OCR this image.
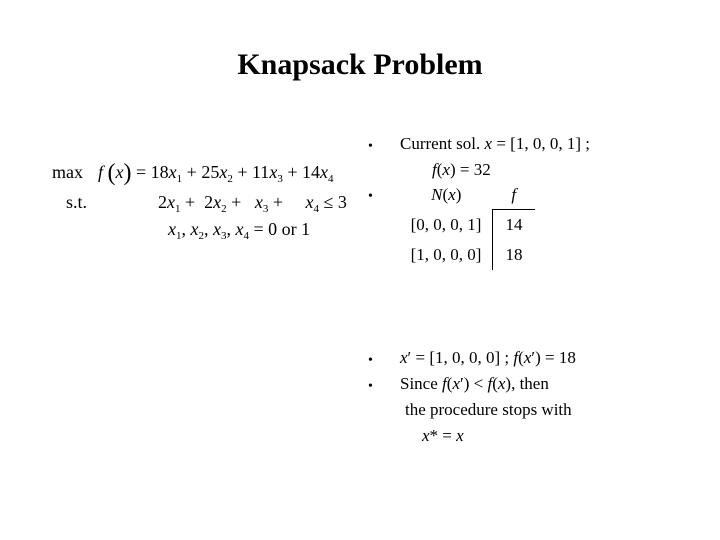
Knapsack Problem
max f $(x) = 18x_1 + 25x_2 + 11x_3 + 14x_4$
s.t.	$2x_1 + 2x_2 + x_3$ +     $x_4 \le 3$
$x_1$, $x_2$, $x_3$, $x_4 = 0$ or 1
• Current sol. x = [1, 0, 0, 1] ;
f(x) = 32
•	N(x)	f
[0, 0, 0, 1]	14
[1, 0, 0, 0]	18
• x′ = [1, 0, 0, 0] ; f(x′) = 18
• Since f(x′) < f(x), then
the procedure stops with
x* = x
